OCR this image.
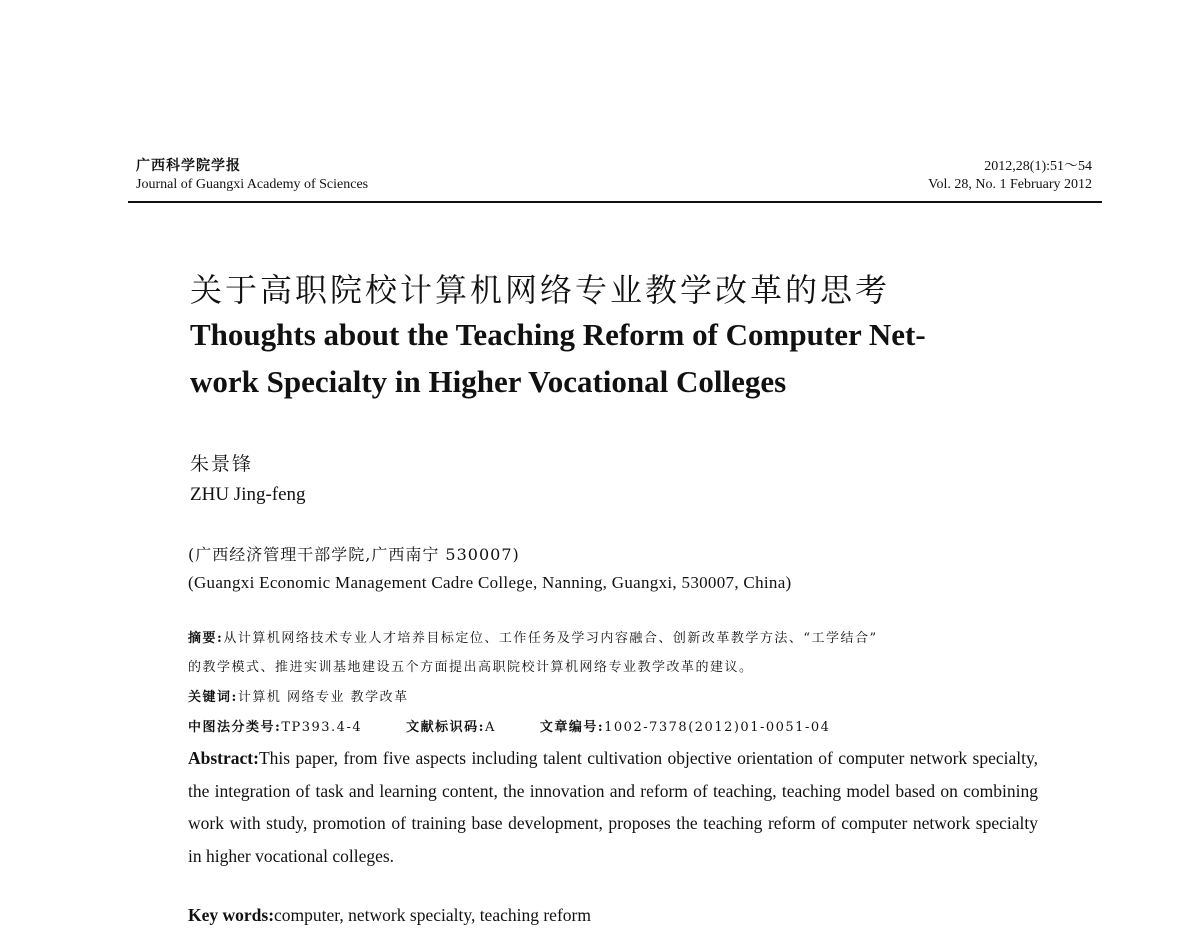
广西科学院学报
Journal of Guangxi Academy of Sciences
2012,28(1):51～54
Vol. 28, No. 1 February 2012
关于高职院校计算机网络专业教学改革的思考
Thoughts about the Teaching Reform of Computer Net-
work Specialty in Higher Vocational Colleges
朱景锋
ZHU Jing-feng
(广西经济管理干部学院,广西南宁 530007)
(Guangxi Economic Management Cadre College, Nanning, Guangxi, 530007, China)
摘要:从计算机网络技术专业人才培养目标定位、工作任务及学习内容融合、创新改革教学方法、“工学结合”
的教学模式、推进实训基地建设五个方面提出高职院校计算机网络专业教学改革的建议。
关键词:计算机 网络专业 教学改革
中图法分类号:TP393.4-4	文献标识码:A	文章编号:1002-7378(2012)01-0051-04

Abstract:This paper, from five aspects including talent cultivation objective orientation of computer network specialty, the integration of task and learning content, the innovation and reform of teaching, teaching model based on combining work with study, promotion of training base development, proposes the teaching reform of computer network specialty in higher vocational colleges.

Key words:computer, network specialty, teaching reform
